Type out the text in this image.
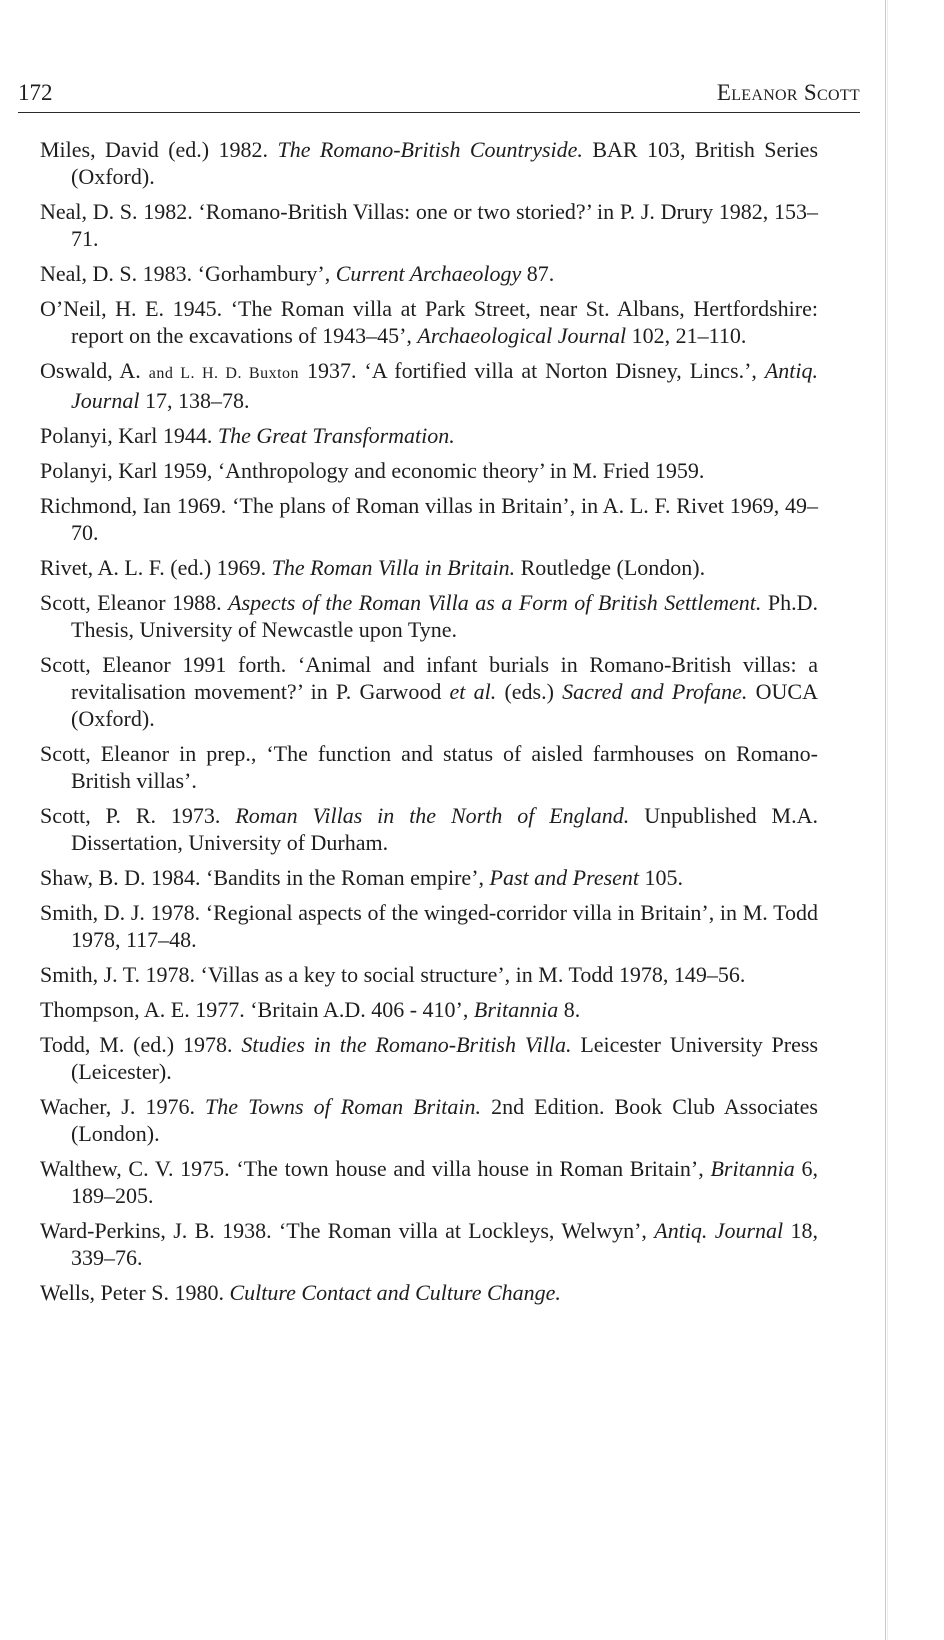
172	Eleanor Scott

Miles, David (ed.) 1982. The Romano-British Countryside. BAR 103, British Series (Oxford).

Neal, D. S. 1982. ‘Romano-British Villas: one or two storied?’ in P. J. Drury 1982, 153–71.

Neal, D. S. 1983. ‘Gorhambury’, Current Archaeology 87.

O’Neil, H. E. 1945. ‘The Roman villa at Park Street, near St. Albans, Hertfordshire: report on the excavations of 1943–45’, Archaeological Journal 102, 21–110.

Oswald, A. and L. H. D. Buxton 1937. ‘A fortified villa at Norton Disney, Lincs.’, Antiq. Journal 17, 138–78.

Polanyi, Karl 1944. The Great Transformation.

Polanyi, Karl 1959, ‘Anthropology and economic theory’ in M. Fried 1959.

Richmond, Ian 1969. ‘The plans of Roman villas in Britain’, in A. L. F. Rivet 1969, 49–70.

Rivet, A. L. F. (ed.) 1969. The Roman Villa in Britain. Routledge (London).

Scott, Eleanor 1988. Aspects of the Roman Villa as a Form of British Settlement. Ph.D. Thesis, University of Newcastle upon Tyne.

Scott, Eleanor 1991 forth. ‘Animal and infant burials in Romano-British villas: a revitalisation movement?’ in P. Garwood et al. (eds.) Sacred and Profane. OUCA (Oxford).

Scott, Eleanor in prep., ‘The function and status of aisled farmhouses on Romano-British villas’.

Scott, P. R. 1973. Roman Villas in the North of England. Unpublished M.A. Dissertation, University of Durham.

Shaw, B. D. 1984. ‘Bandits in the Roman empire’, Past and Present 105.

Smith, D. J. 1978. ‘Regional aspects of the winged-corridor villa in Britain’, in M. Todd 1978, 117–48.

Smith, J. T. 1978. ‘Villas as a key to social structure’, in M. Todd 1978, 149–56.

Thompson, A. E. 1977. ‘Britain A.D. 406 - 410’, Britannia 8.

Todd, M. (ed.) 1978. Studies in the Romano-British Villa. Leicester University Press (Leicester).

Wacher, J. 1976. The Towns of Roman Britain. 2nd Edition. Book Club Associates (London).

Walthew, C. V. 1975. ‘The town house and villa house in Roman Britain’, Britannia 6, 189–205.

Ward-Perkins, J. B. 1938. ‘The Roman villa at Lockleys, Welwyn’, Antiq. Journal 18, 339–76.

Wells, Peter S. 1980. Culture Contact and Culture Change.
